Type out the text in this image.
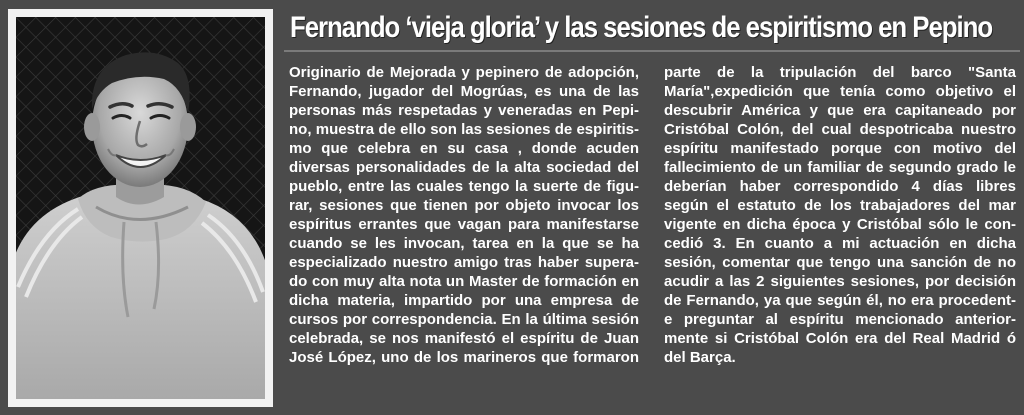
Fernando ‘vieja gloria’ y las sesiones de espiritismo en Pepino

Originario de Mejorada y pepinero de adopción,
Fernando, jugador del Mogrúas, es una de las
personas más respetadas y veneradas en Pepi-
no, muestra de ello son las sesiones de espiritis-
mo que celebra en su casa , donde acuden
diversas personalidades de la alta sociedad del
pueblo, entre las cuales tengo la suerte de figu-
rar, sesiones que tienen por objeto invocar los
espíritus errantes que vagan para manifestarse
cuando se les invocan, tarea en la que se ha
especializado nuestro amigo tras haber supera-
do con muy alta nota un Master de formación en
dicha materia, impartido por una empresa de
cursos por correspondencia. En la última sesión
celebrada, se nos manifestó el espíritu de Juan
José López, uno de los marineros que formaron

parte de la tripulación del barco "Santa
María",expedición que tenía como objetivo el
descubrir América y que era capitaneado por
Cristóbal Colón, del cual despotricaba nuestro
espíritu manifestado porque con motivo del
fallecimiento de un familiar de segundo grado le
deberían haber correspondido 4 días libres
según el estatuto de los trabajadores del mar
vigente en dicha época y Cristóbal sólo le con-
cedió 3. En cuanto a mi actuación en dicha
sesión, comentar que tengo una sanción de no
acudir a las 2 siguientes sesiones, por decisión
de Fernando, ya que según él, no era procedent-
e preguntar al espíritu mencionado anterior-
mente si Cristóbal Colón era del Real Madrid ó
del Barça.
